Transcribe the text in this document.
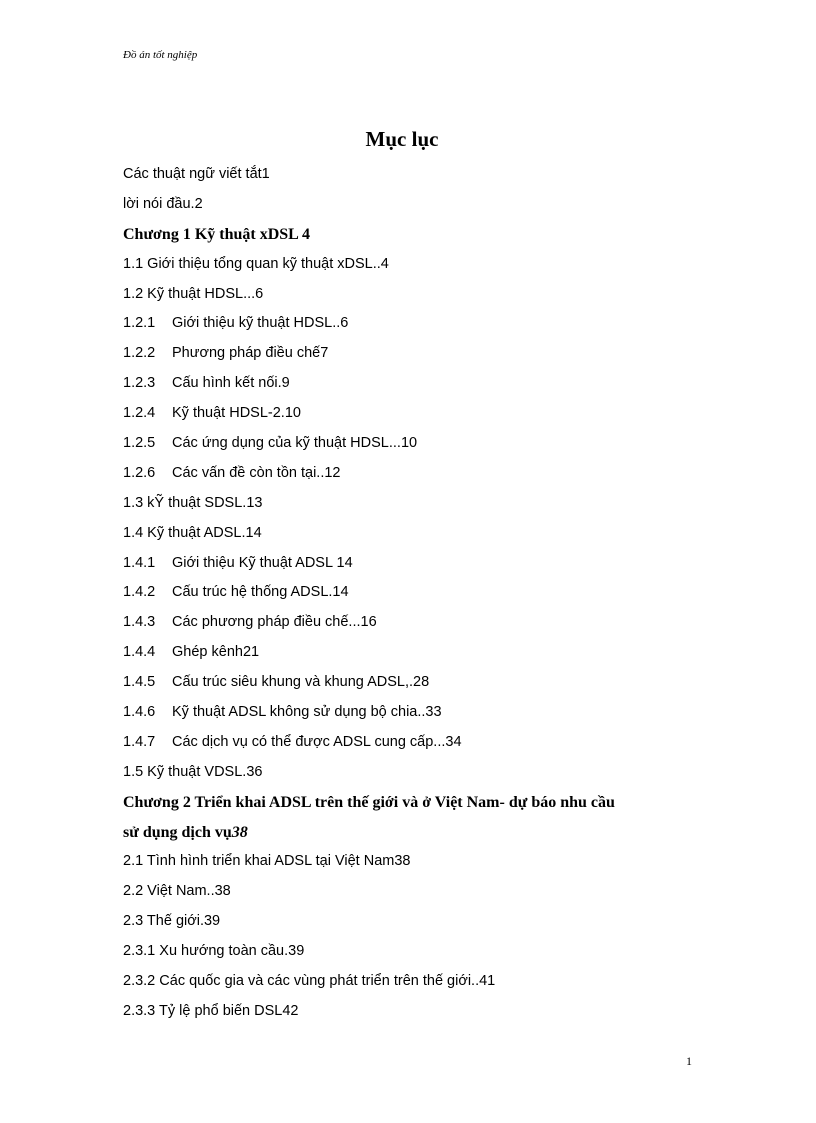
Đồ án tốt nghiệp
Mục lục
Các thuật ngữ viết tắt1
lời nói đầu.2
Chương 1 Kỹ thuật xDSL 4
1.1 Giới thiệu tổng quan kỹ thuật xDSL..4
1.2 Kỹ thuật HDSL...6
1.2.1 Giới thiệu kỹ thuật HDSL..6
1.2.2 Phương pháp điều chế7
1.2.3 Cấu hình kết nối.9
1.2.4 Kỹ thuật HDSL-2.10
1.2.5 Các ứng dụng của kỹ thuật HDSL...10
1.2.6 Các vấn đề còn tồn tại..12
1.3 kỸ thuật SDSL.13
1.4 Kỹ thuật ADSL.14
1.4.1 Giới thiệu Kỹ thuật ADSL 14
1.4.2 Cấu trúc hệ thống ADSL.14
1.4.3 Các phương pháp điều chế...16
1.4.4 Ghép kênh21
1.4.5 Cấu trúc siêu khung và khung ADSL,.28
1.4.6 Kỹ thuật ADSL không sử dụng bộ chia..33
1.4.7 Các dịch vụ có thể được ADSL cung cấp...34
1.5 Kỹ thuật VDSL.36
Chương 2 Triển khai ADSL trên thế giới và ở Việt Nam- dự báo nhu cầu
sử dụng dịch vụ38
2.1 Tình hình triển khai ADSL tại Việt Nam38
2.2 Việt Nam..38
2.3 Thế giới.39
2.3.1 Xu hướng toàn cầu.39
2.3.2 Các quốc gia và các vùng phát triển trên thế giới..41
2.3.3 Tỷ lệ phổ biến DSL42
1
